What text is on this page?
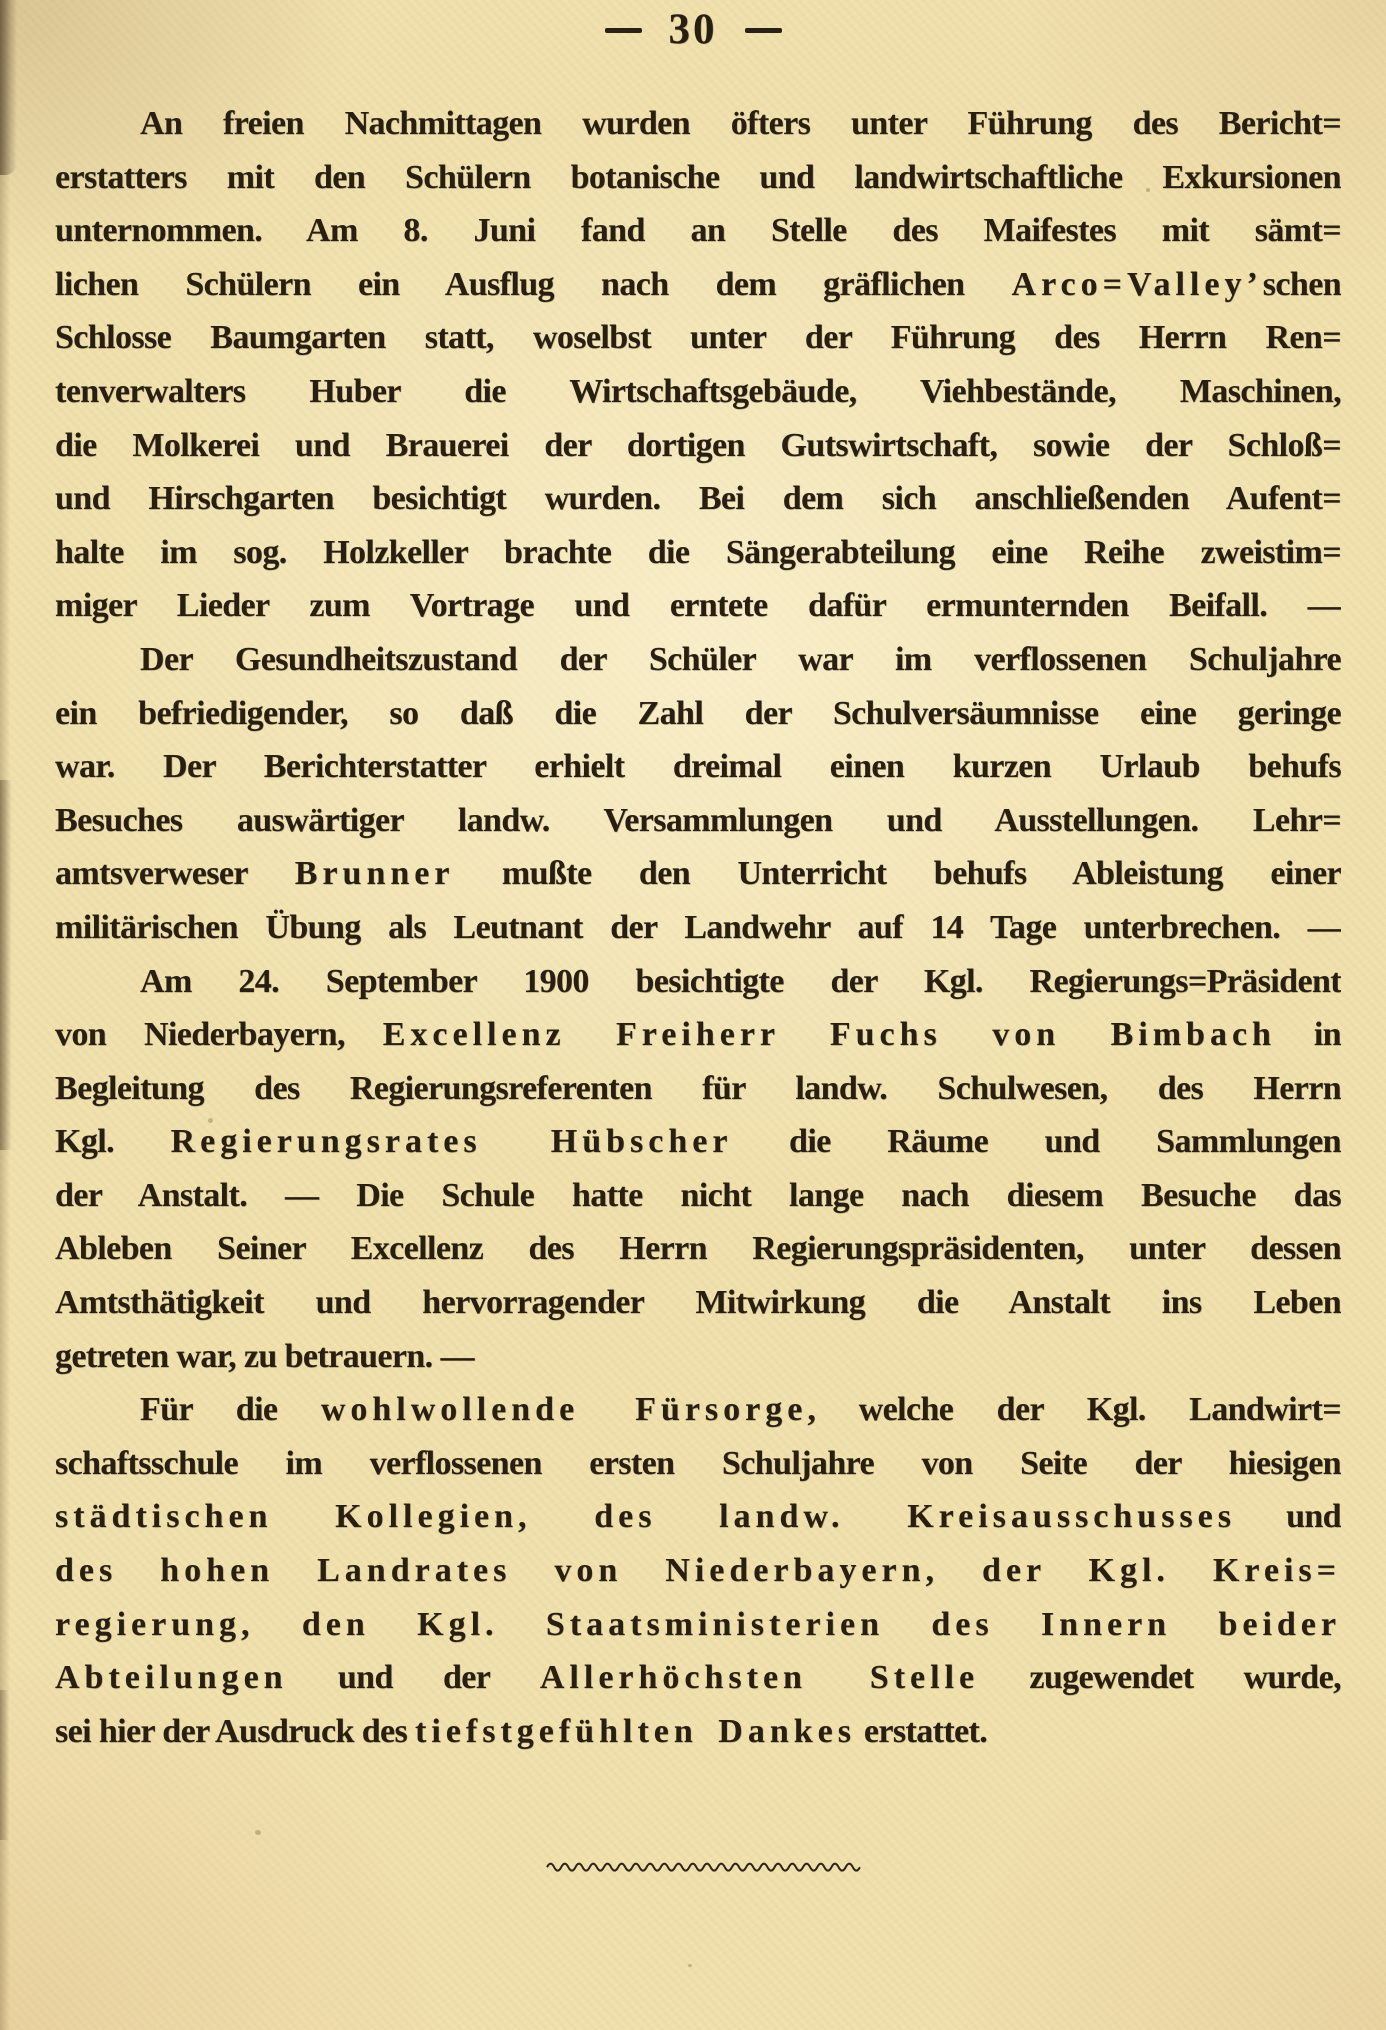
30
An freien Nachmittagen wurden öfters unter Führung des Bericht=
erstatters mit den Schülern botanische und landwirtschaftliche Exkursionen
unternommen. Am 8. Juni fand an Stelle des Maifestes mit sämt=
lichen Schülern ein Ausflug nach dem gräflichen Arco=Valley’schen
Schlosse Baumgarten statt, woselbst unter der Führung des Herrn Ren=
tenverwalters Huber die Wirtschaftsgebäude, Viehbestände, Maschinen,
die Molkerei und Brauerei der dortigen Gutswirtschaft, sowie der Schloß=
und Hirschgarten besichtigt wurden. Bei dem sich anschließenden Aufent=
halte im sog. Holzkeller brachte die Sängerabteilung eine Reihe zweistim=
miger Lieder zum Vortrage und erntete dafür ermunternden Beifall. —
Der Gesundheitszustand der Schüler war im verflossenen Schuljahre
ein befriedigender, so daß die Zahl der Schulversäumnisse eine geringe
war. Der Berichterstatter erhielt dreimal einen kurzen Urlaub behufs
Besuches auswärtiger landw. Versammlungen und Ausstellungen. Lehr=
amtsverweser Brunner mußte den Unterricht behufs Ableistung einer
militärischen Übung als Leutnant der Landwehr auf 14 Tage unterbrechen. —
Am 24. September 1900 besichtigte der Kgl. Regierungs=Präsident
von Niederbayern, Excellenz Freiherr Fuchs von Bimbach in
Begleitung des Regierungsreferenten für landw. Schulwesen, des Herrn
Kgl. Regierungsrates Hübscher die Räume und Sammlungen
der Anstalt. — Die Schule hatte nicht lange nach diesem Besuche das
Ableben Seiner Excellenz des Herrn Regierungspräsidenten, unter dessen
Amtsthätigkeit und hervorragender Mitwirkung die Anstalt ins Leben
getreten war, zu betrauern. —
Für die wohlwollende Fürsorge, welche der Kgl. Landwirt=
schaftsschule im verflossenen ersten Schuljahre von Seite der hiesigen
städtischen Kollegien, des landw. Kreisausschusses und
des hohen Landrates von Niederbayern, der Kgl. Kreis=
regierung, den Kgl. Staatsministerien des Innern beider
Abteilungen und der Allerhöchsten Stelle zugewendet wurde,
sei hier der Ausdruck des tiefstgefühlten Dankes erstattet.
